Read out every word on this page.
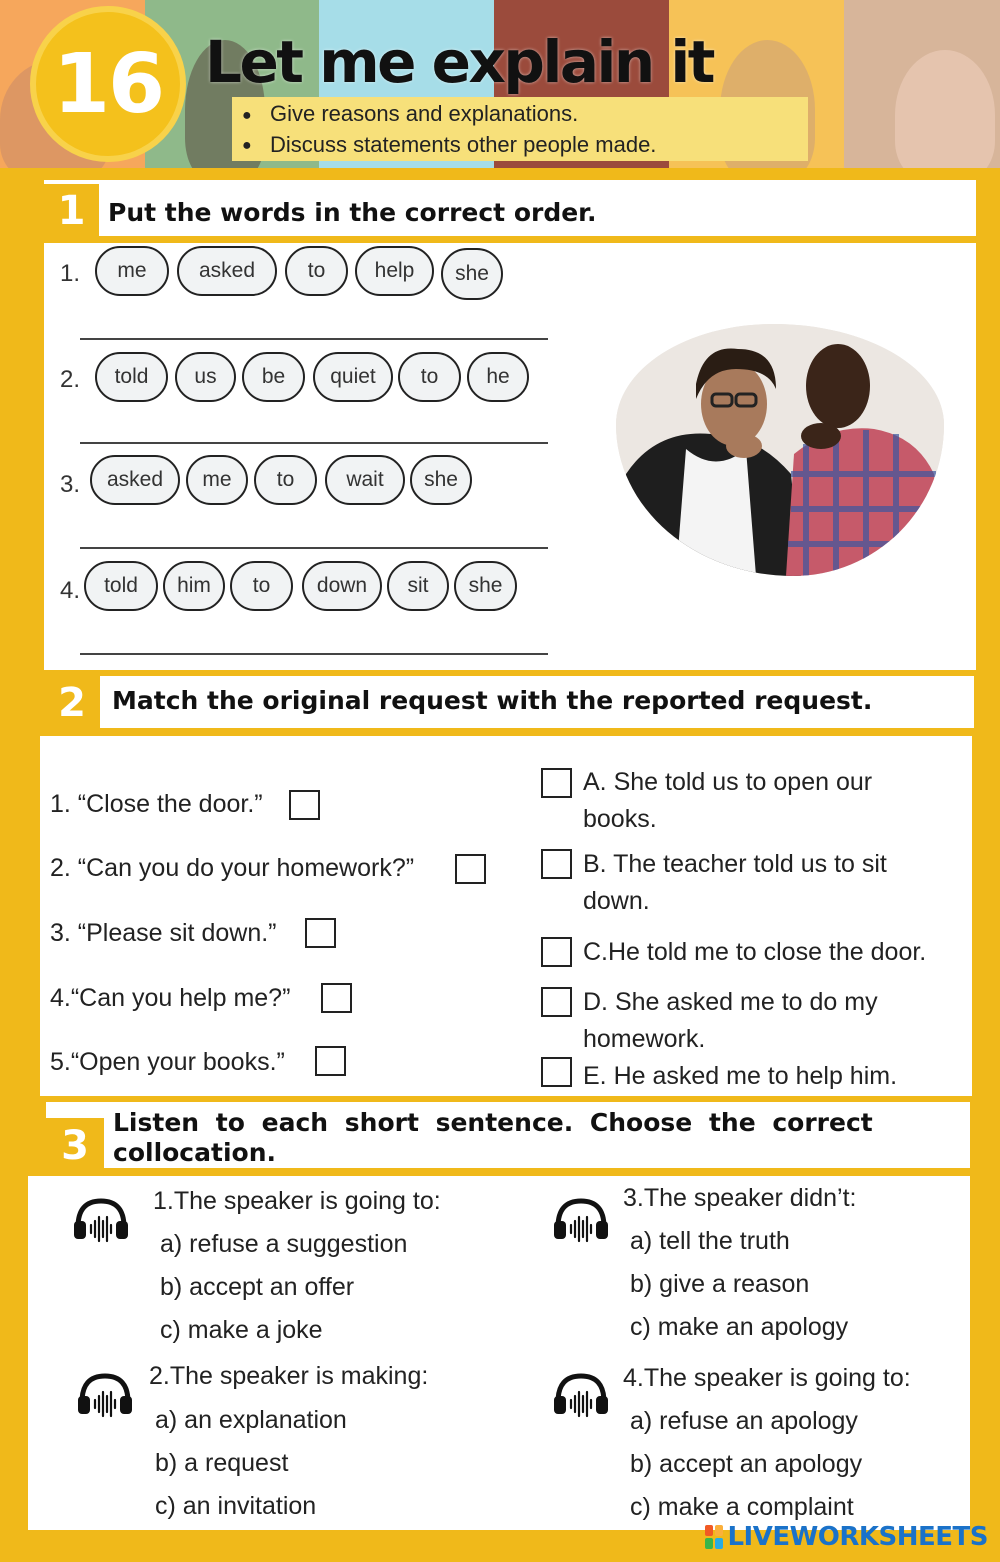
16 Let me explain it
● Give reasons and explanations.
● Discuss statements other people made.
1 Put the words in the correct order.
1.	me	asked	to	help	she
2.	told	us	be	quiet	to	he
3.	asked	me	to	wait	she
4.	told	him	to	down	sit	she
2	Match the original request with the reported request.
1. “Close the door.”
2. “Can you do your homework?”
3. “Please sit down.”
4.“Can you help me?”
5.“Open your books.”
A. She told us to open our
books.
B. The teacher told us to sit
down.
C.He told me to close the door.
D. She asked me to do my
homework.
E. He asked me to help him.
3
Listen to each short sentence. Choose the correct
collocation.
1.The speaker is going to:
a) refuse a suggestion
b) accept an offer
c) make a joke
2.The speaker is making:
a) an explanation
b) a request
c) an invitation
3.The speaker didn’t:
a) tell the truth
b) give a reason
c) make an apology
4.The speaker is going to:
a) refuse an apology
b) accept an apology
c) make a complaint
LIVEWORKSHEETS
